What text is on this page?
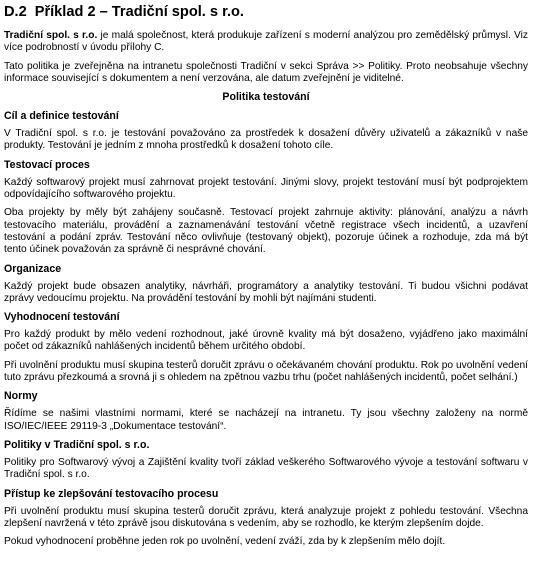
D.2 Příklad 2 – Tradiční spol. s r.o.

Tradiční spol. s r.o. je malá společnost, která produkuje zařízení s moderní analýzou pro zemědělský průmysl. Viz více podrobností v úvodu přílohy C.

Tato politika je zveřejněna na intranetu společnosti Tradiční v sekci Správa >> Politiky. Proto neobsahuje všechny informace související s dokumentem a není verzována, ale datum zveřejnění je viditelné.

Politika testování
Cíl a definice testování

V Tradiční spol. s r.o. je testování považováno za prostředek k dosažení důvěry uživatelů a zákazníků v naše produkty. Testování je jedním z mnoha prostředků k dosažení tohoto cíle.

Testovací proces

Každý softwarový projekt musí zahrnovat projekt testování. Jinými slovy, projekt testování musí být podprojektem odpovídajícího softwarového projektu.

Oba projekty by měly být zahájeny současně. Testovací projekt zahrnuje aktivity: plánování, analýzu a návrh testovacího materiálu, provádění a zaznamenávání testování včetně registrace všech incidentů, a uzavření testování a podání zpráv. Testování něco ovlivňuje (testovaný objekt), pozoruje účinek a rozhoduje, zda má být tento účinek považován za správně či nesprávné chování.

Organizace

Každý projekt bude obsazen analytiky, návrháři, programátory a analytiky testování. Ti budou všichni podávat zprávy vedoucímu projektu. Na provádění testování by mohli být najímáni studenti.

Vyhodnocení testování

Pro každý produkt by mělo vedení rozhodnout, jaké úrovně kvality má být dosaženo, vyjádřeno jako maximální počet od zákazníků nahlášených incidentů během určitého období.

Při uvolnění produktu musí skupina testerů doručit zprávu o očekávaném chování produktu. Rok po uvolnění vedení tuto zprávu přezkoumá a srovná ji s ohledem na zpětnou vazbu trhu (počet nahlášených incidentů, počet selhání.)

Normy

Řídíme se našimi vlastními normami, které se nacházejí na intranetu. Ty jsou všechny založeny na normě ISO/IEC/IEEE 29119-3 „Dokumentace testování“.

Politiky v Tradiční spol. s r.o.

Politiky pro Softwarový vývoj a Zajištění kvality tvoří základ veškerého Softwarového vývoje a testování softwaru v Tradiční spol. s r.o.

Přístup ke zlepšování testovacího procesu

Při uvolnění produktu musí skupina testerů doručit zprávu, která analyzuje projekt z pohledu testování. Všechna zlepšení navržená v této zprávě jsou diskutována s vedením, aby se rozhodlo, ke kterým zlepšením dojde.

Pokud vyhodnocení proběhne jeden rok po uvolnění, vedení zváží, zda by k zlepšením mělo dojít.
